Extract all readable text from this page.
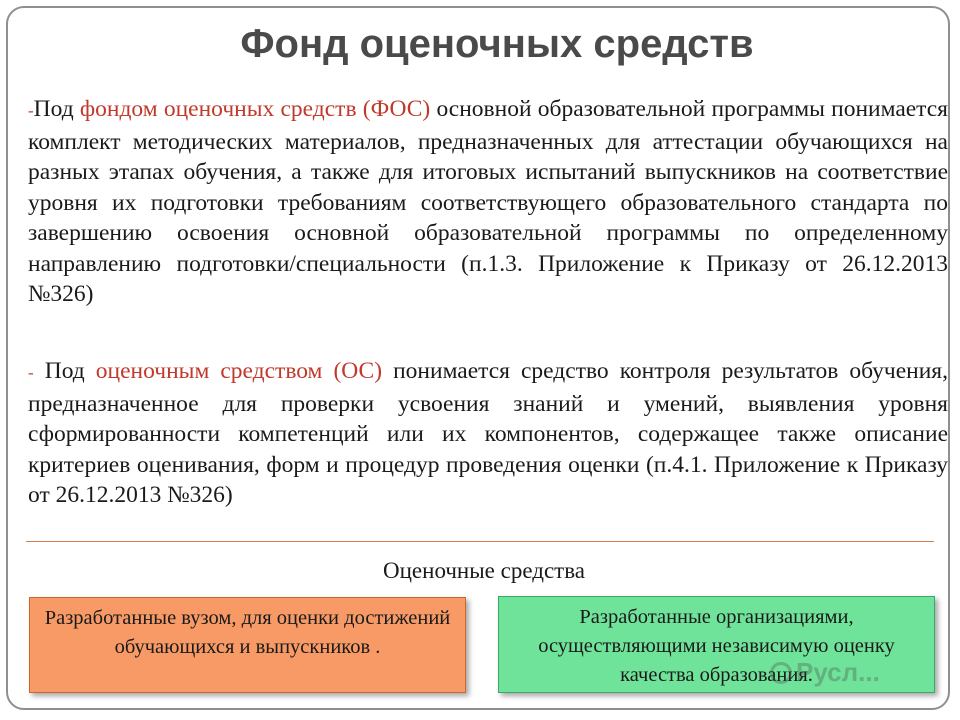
Фонд оценочных средств

-Под фондом оценочных средств (ФОС) основной образовательной программы понимается комплект методических материалов, предназначенных для аттестации обучающихся на разных этапах обучения, а также для итоговых испытаний выпускников на соответствие уровня их подготовки требованиям соответствующего образовательного стандарта по завершению освоения основной образовательной программы по определенному направлению подготовки/специальности (п.1.3. Приложение к Приказу от 26.12.2013 №326)

- Под оценочным средством (ОС) понимается средство контроля результатов обучения, предназначенное для проверки усвоения знаний и умений, выявления уровня сформированности компетенций или их компонентов, содержащее также описание критериев оценивания, форм и процедур проведения оценки (п.4.1. Приложение к Приказу от 26.12.2013 №326)

Оценочные средства

Разработанные вузом, для оценки достижений обучающихся и выпускников .
Разработанные организациями, осуществляющими независимую оценку качества образования.
Русл...
